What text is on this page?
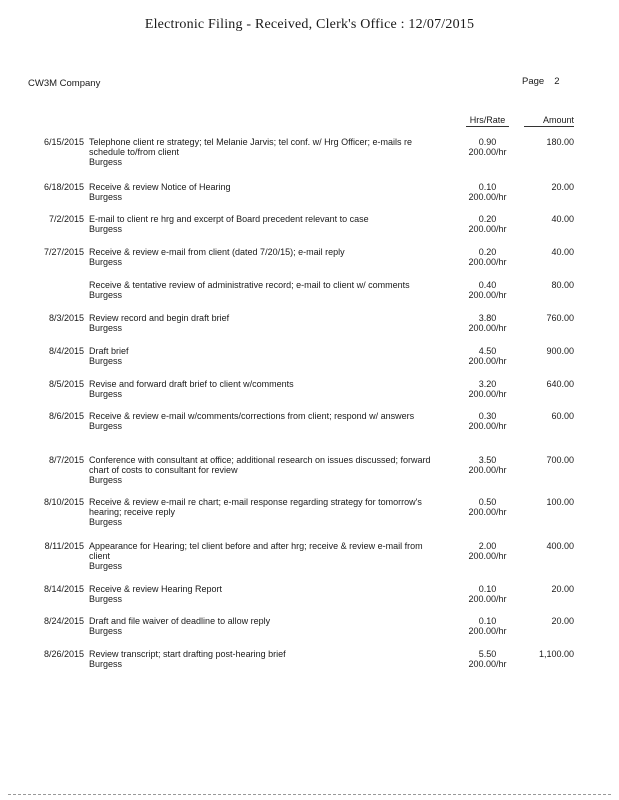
Electronic Filing - Received, Clerk's Office : 12/07/2015
CW3M Company	Page 2
Hrs/Rate	Amount
6/15/2015 Telephone client re strategy; tel Melanie Jarvis; tel conf. w/ Hrg Officer; e-mails re schedule to/from client
Burgess
0.90
200.00/hr
180.00
6/18/2015 Receive & review Notice of Hearing
Burgess
0.10
200.00/hr
20.00
7/2/2015 E-mail to client re hrg and excerpt of Board precedent relevant to case
Burgess
0.20
200.00/hr
40.00
7/27/2015 Receive & review e-mail from client (dated 7/20/15); e-mail reply
Burgess
0.20
200.00/hr
40.00
Receive & tentative review of administrative record; e-mail to client w/ comments
Burgess
0.40
200.00/hr
80.00
8/3/2015 Review record and begin draft brief
Burgess
3.80
200.00/hr
760.00
8/4/2015 Draft brief
Burgess
4.50
200.00/hr
900.00
8/5/2015 Revise and forward draft brief to client w/comments
Burgess
3.20
200.00/hr
640.00
8/6/2015 Receive & review e-mail w/comments/corrections from client; respond w/ answers
Burgess
0.30
200.00/hr
60.00
8/7/2015 Conference with consultant at office; additional research on issues discussed; forward chart of costs to consultant for review
Burgess
3.50
200.00/hr
700.00
8/10/2015 Receive & review e-mail re chart; e-mail response regarding strategy for tomorrow's hearing; receive reply
Burgess
0.50
200.00/hr
100.00
8/11/2015 Appearance for Hearing; tel client before and after hrg; receive & review e-mail from client
Burgess
2.00
200.00/hr
400.00
8/14/2015 Receive & review Hearing Report
Burgess
0.10
200.00/hr
20.00
8/24/2015 Draft and file waiver of deadline to allow reply
Burgess
0.10
200.00/hr
20.00
8/26/2015 Review transcript; start drafting post-hearing brief
Burgess
5.50
200.00/hr
1,100.00
